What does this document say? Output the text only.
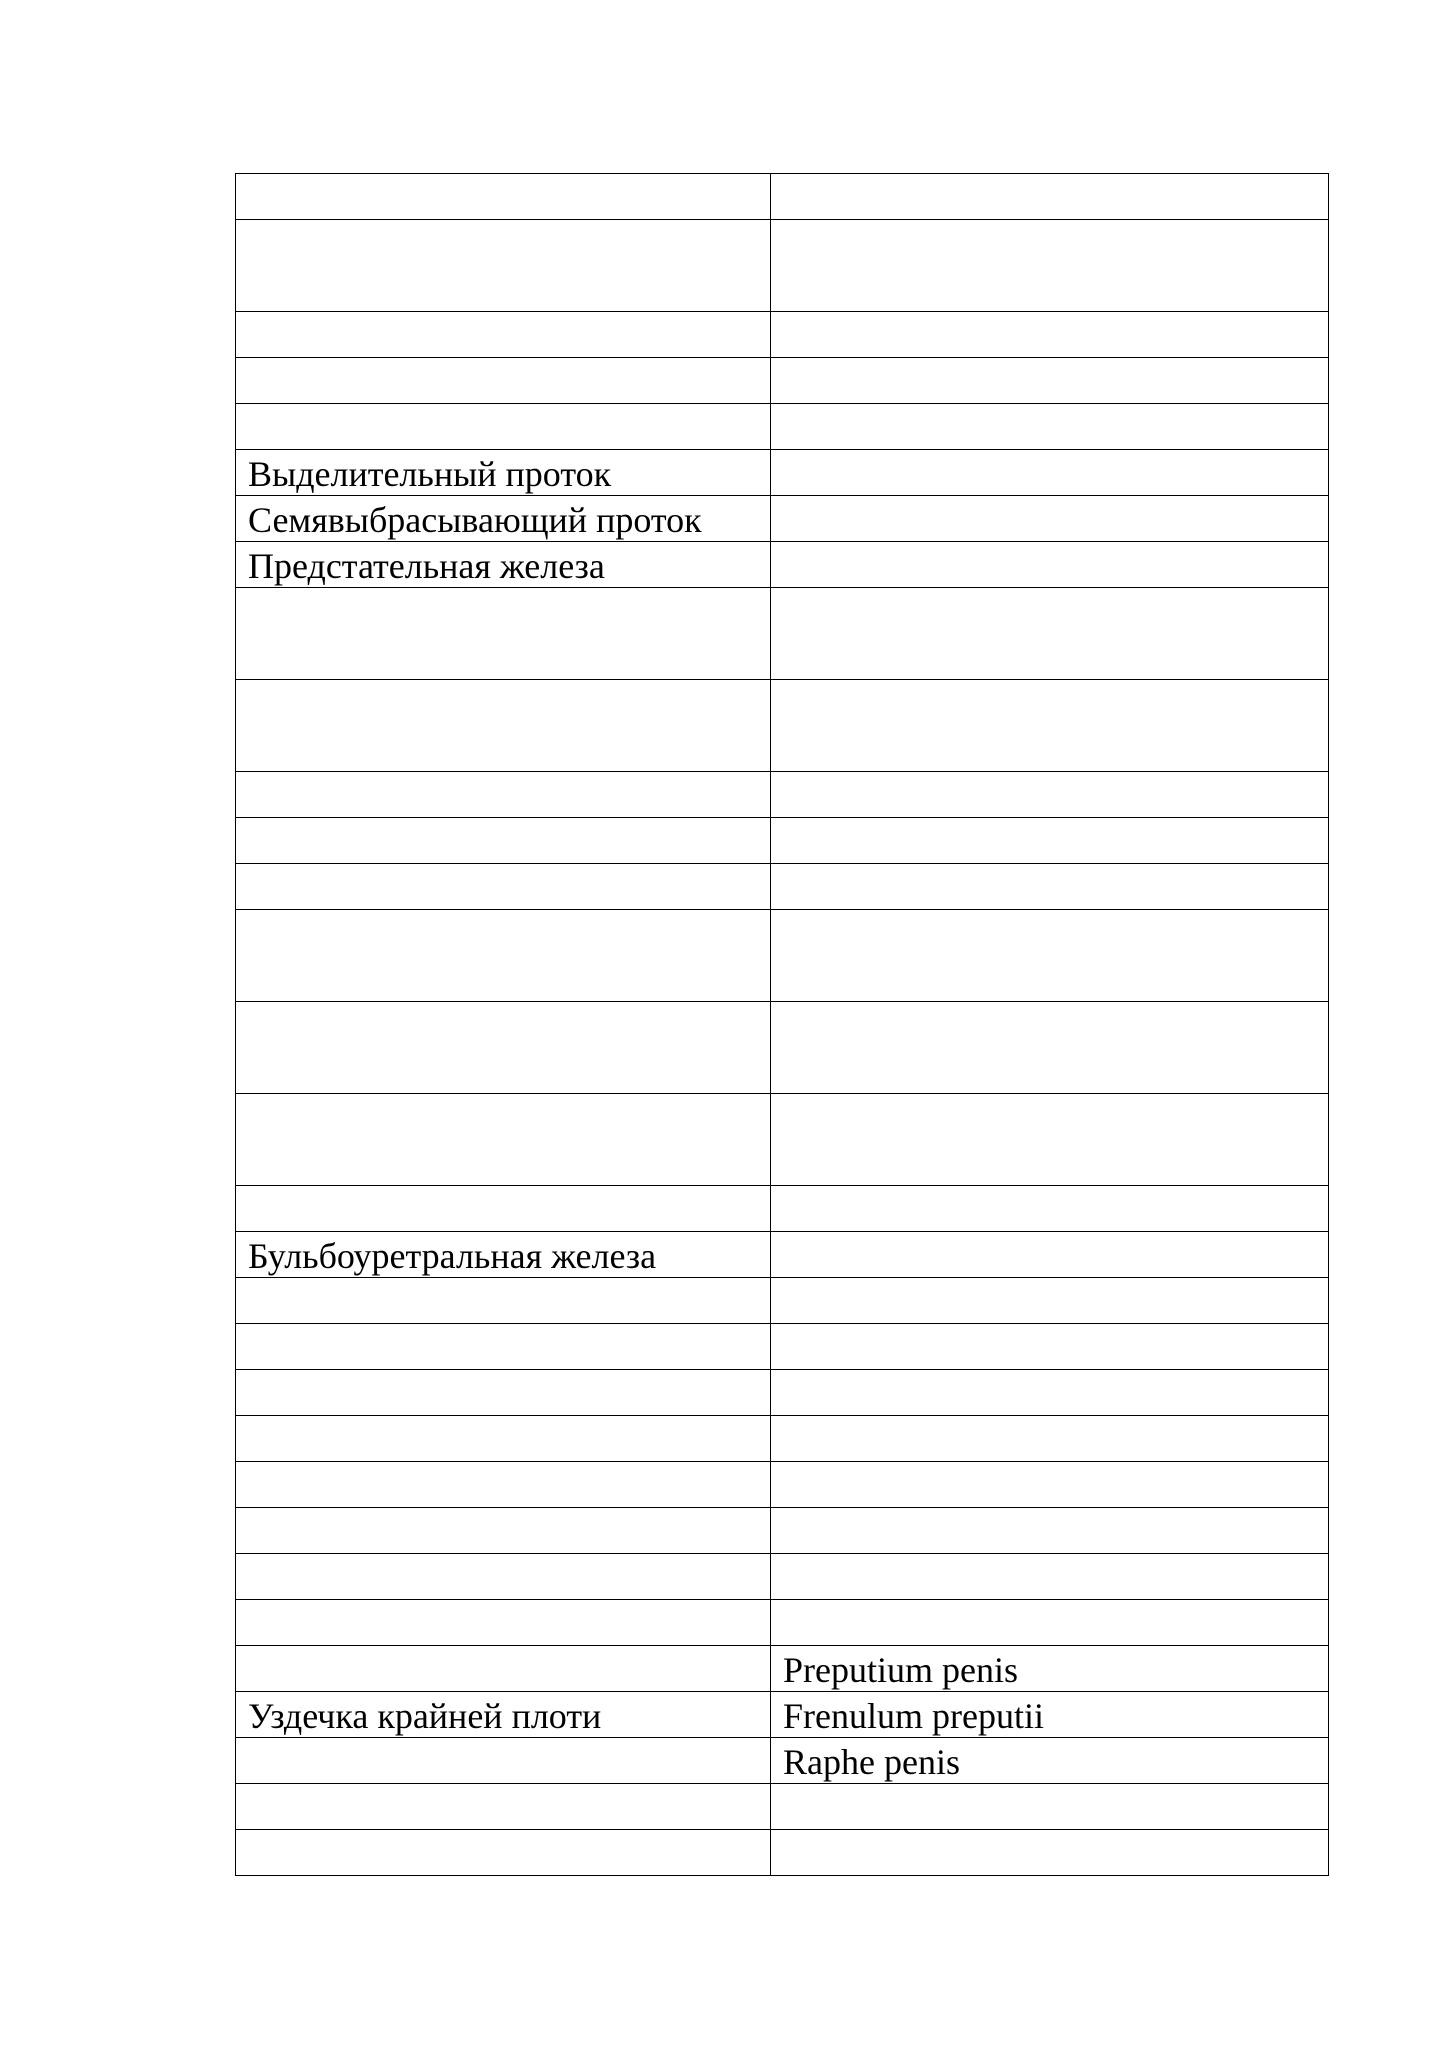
Выделительный проток	

Семявыбрасывающий проток	

Предстательная железа	

Бульбоуретральная железа	

	Preputium penis

Уздечка крайней плоти	Frenulum preputii

	Raphe penis
